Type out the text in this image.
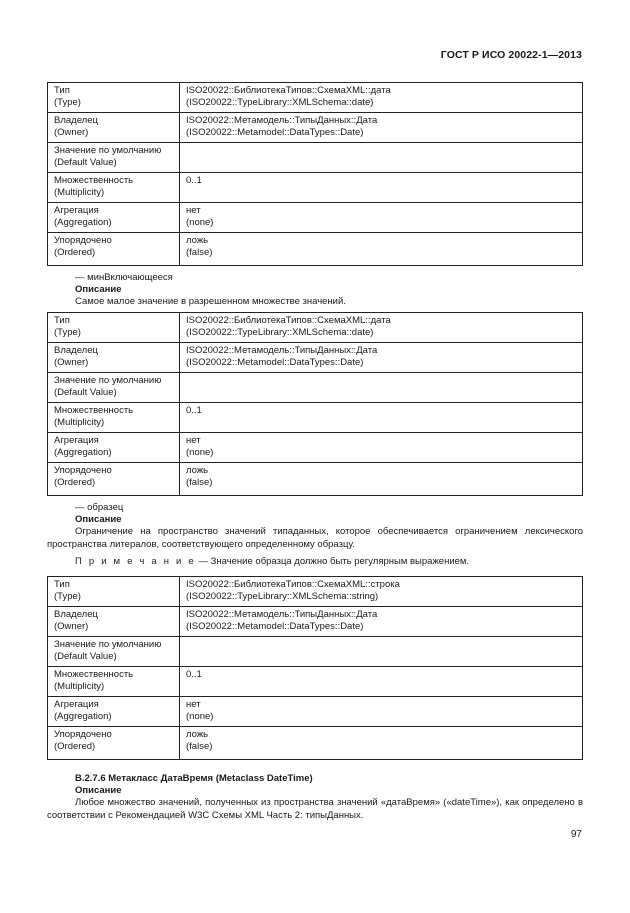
ГОСТ Р ИСО 20022-1—2013
Тип
(Type)	ISO20022::БиблиотекаТипов::СхемаXML::дата
(ISO20022::TypeLibrary::XMLSchema::date)

Владелец
(Owner)	ISO20022::Метамодель::ТипыДанных::Дата
(ISO20022::Metamodel::DataTypes::Date)

Значение по умолчанию
(Default Value)	

Множественность
(Multiplicity)	0..1

Агрегация
(Aggregation)	нет
(none)

Упорядочено
(Ordered)	ложь
(false)
— минВключающееся
Описание
Самое малое значение в разрешенном множестве значений.
Тип
(Type)	ISO20022::БиблиотекаТипов::СхемаXML::дата
(ISO20022::TypeLibrary::XMLSchema::date)

Владелец
(Owner)	ISO20022::Метамодель::ТипыДанных::Дата
(ISO20022::Metamodel::DataTypes::Date)

Значение по умолчанию
(Default Value)	

Множественность
(Multiplicity)	0..1

Агрегация
(Aggregation)	нет
(none)

Упорядочено
(Ordered)	ложь
(false)
— образец
Описание
Ограничение на пространство значений типаданных, которое обеспечивается ограничением лексического пространства литералов, соответствующего определенному образцу.
П р и м е ч а н и е — Значение образца должно быть регулярным выражением.
Тип
(Type)	ISO20022::БиблиотекаТипов::СхемаXML::строка
(ISO20022::TypeLibrary::XMLSchema::string)

Владелец
(Owner)	ISO20022::Метамодель::ТипыДанных::Дата
(ISO20022::Metamodel::DataTypes::Date)

Значение по умолчанию
(Default Value)	

Множественность
(Multiplicity)	0..1

Агрегация
(Aggregation)	нет
(none)

Упорядочено
(Ordered)	ложь
(false)
B.2.7.6 Метакласс ДатаВремя (Metaclass DateTime)
Описание
Любое множество значений, полученных из пространства значений «датаВремя» («dateTime»), как определено в соответствии с Рекомендацией W3C Схемы XML Часть 2: типыДанных.
97
